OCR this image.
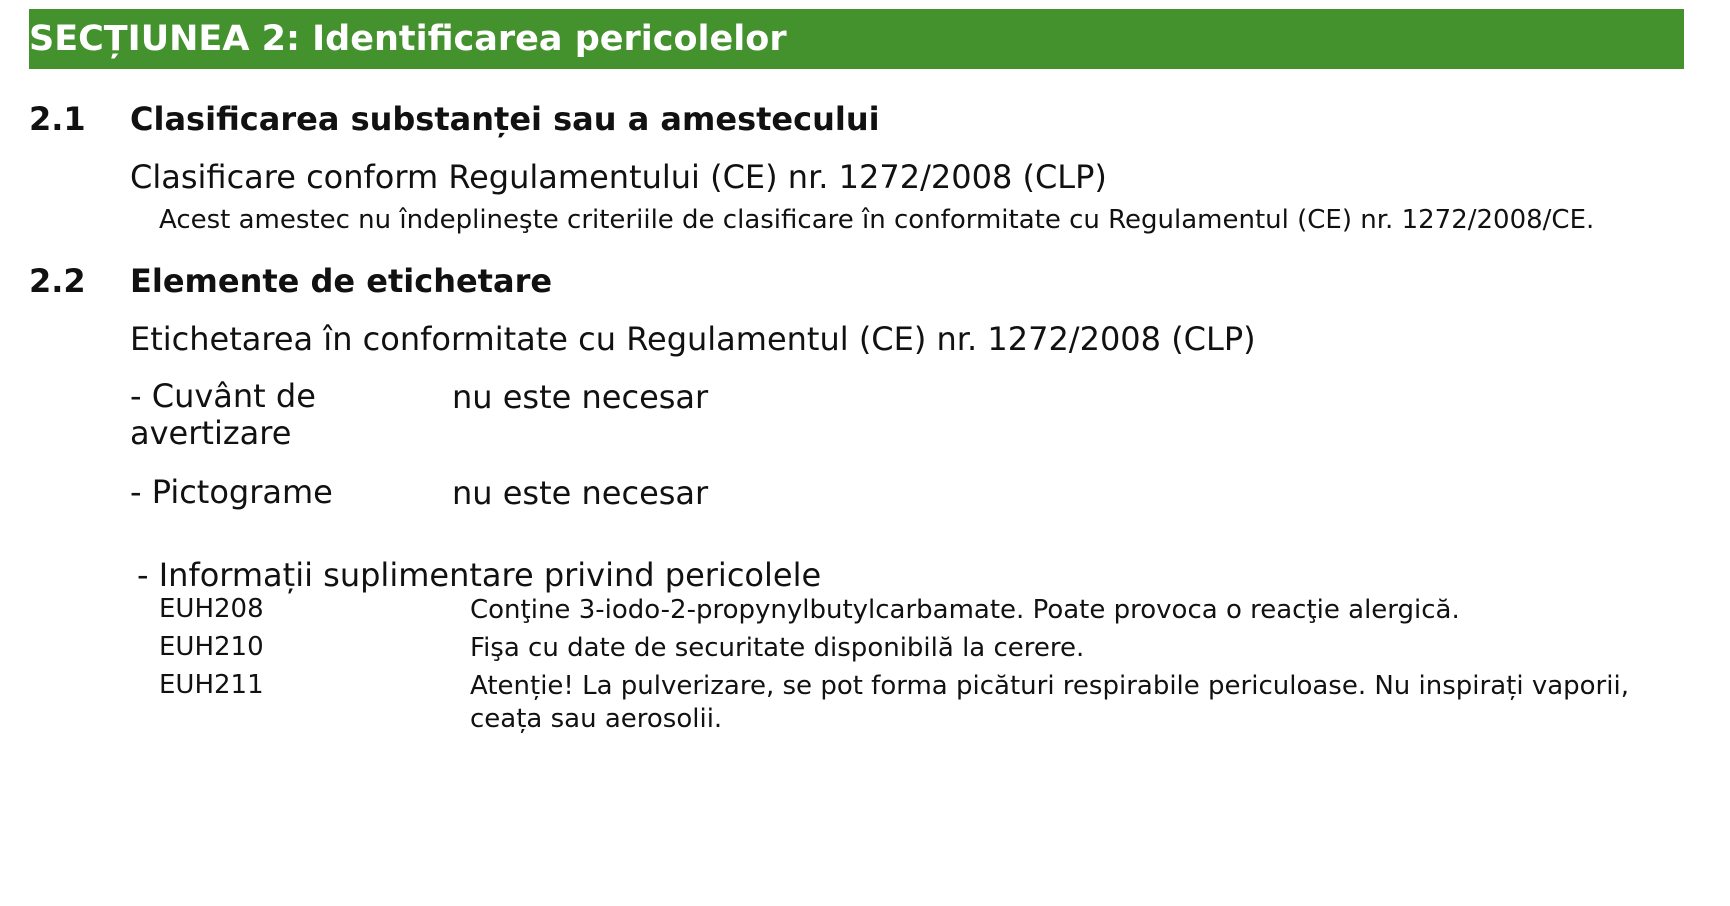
SECȚIUNEA 2: Identificarea pericolelor
2.1 Clasificarea substanței sau a amestecului
Clasificare conform Regulamentului (CE) nr. 1272/2008 (CLP)
Acest amestec nu îndeplineşte criteriile de clasificare în conformitate cu Regulamentul (CE) nr. 1272/2008/CE.
2.2 Elemente de etichetare
Etichetarea în conformitate cu Regulamentul (CE) nr. 1272/2008 (CLP)
- Cuvânt de avertizare
nu este necesar
- Pictograme	nu este necesar
- Informații suplimentare privind pericolele
EUH208	Conţine 3-iodo-2-propynylbutylcarbamate. Poate provoca o reacţie alergică.
EUH210	Fişa cu date de securitate disponibilă la cerere.
EUH211	Atenție! La pulverizare, se pot forma picături respirabile periculoase. Nu inspirați vaporii, ceața sau aerosolii.
